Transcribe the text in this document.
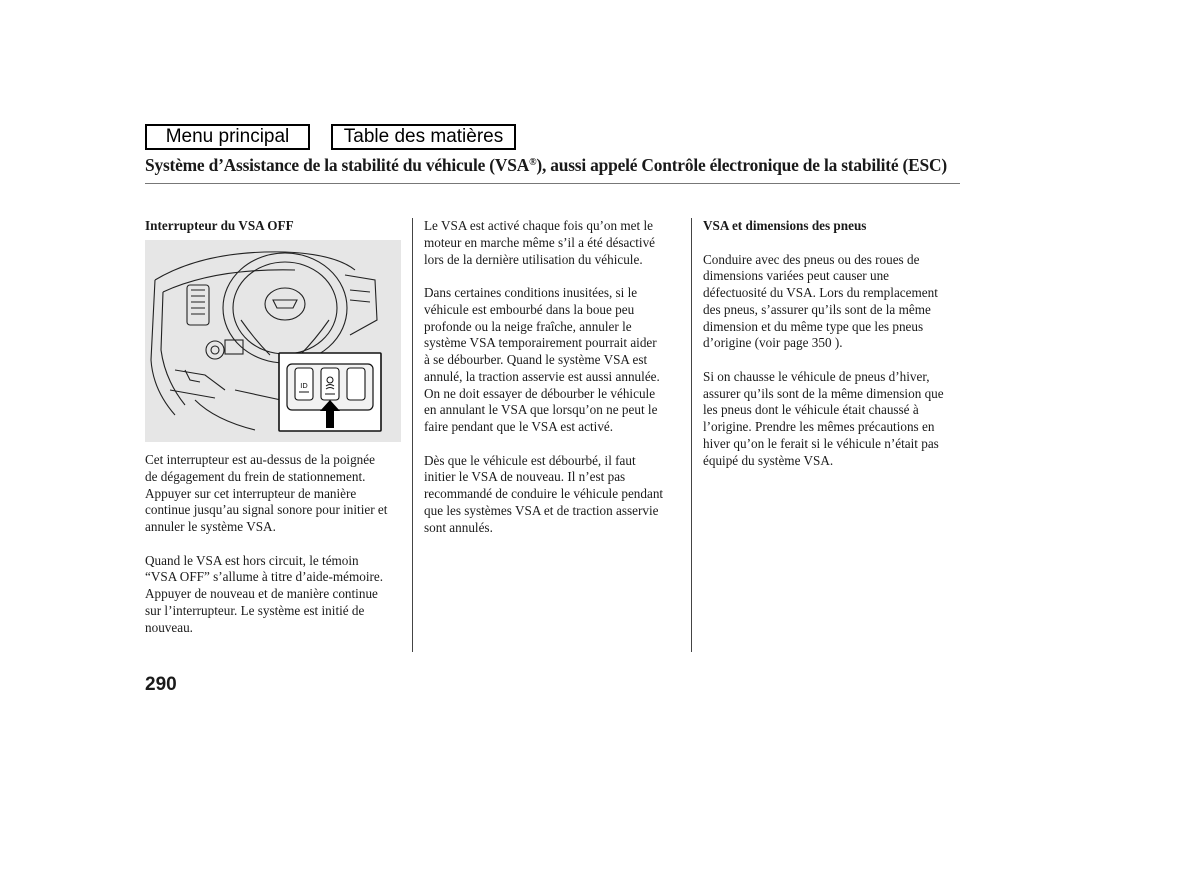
Menu principal	Table des matières
Système d’Assistance de la stabilité du véhicule (VSA®), aussi appelé Contrôle électronique de la stabilité (ESC)

Interrupteur du VSA OFF

ID

Cet interrupteur est au-dessus de la poignée
de dégagement du frein de stationnement.
Appuyer sur cet interrupteur de manière
continue jusqu’au signal sonore pour initier et
annuler le système VSA.

Quand le VSA est hors circuit, le témoin
“VSA OFF” s’allume à titre d’aide-mémoire.
Appuyer de nouveau et de manière continue
sur l’interrupteur. Le système est initié de
nouveau.

Le VSA est activé chaque fois qu’on met le
moteur en marche même s’il a été désactivé
lors de la dernière utilisation du véhicule.

Dans certaines conditions inusitées, si le
véhicule est embourbé dans la boue peu
profonde ou la neige fraîche, annuler le
système VSA temporairement pourrait aider
à se débourber. Quand le système VSA est
annulé, la traction asservie est aussi annulée.
On ne doit essayer de débourber le véhicule
en annulant le VSA que lorsqu’on ne peut le
faire pendant que le VSA est activé.

Dès que le véhicule est débourbé, il faut
initier le VSA de nouveau. Il n’est pas
recommandé de conduire le véhicule pendant
que les systèmes VSA et de traction asservie
sont annulés.

VSA et dimensions des pneus

Conduire avec des pneus ou des roues de
dimensions variées peut causer une
défectuosité du VSA. Lors du remplacement
des pneus, s’assurer qu’ils sont de la même
dimension et du même type que les pneus
d’origine (voir page 350 ).

Si on chausse le véhicule de pneus d’hiver,
assurer qu’ils sont de la même dimension que
les pneus dont le véhicule était chaussé à
l’origine. Prendre les mêmes précautions en
hiver qu’on le ferait si le véhicule n’était pas
équipé du système VSA.

290
